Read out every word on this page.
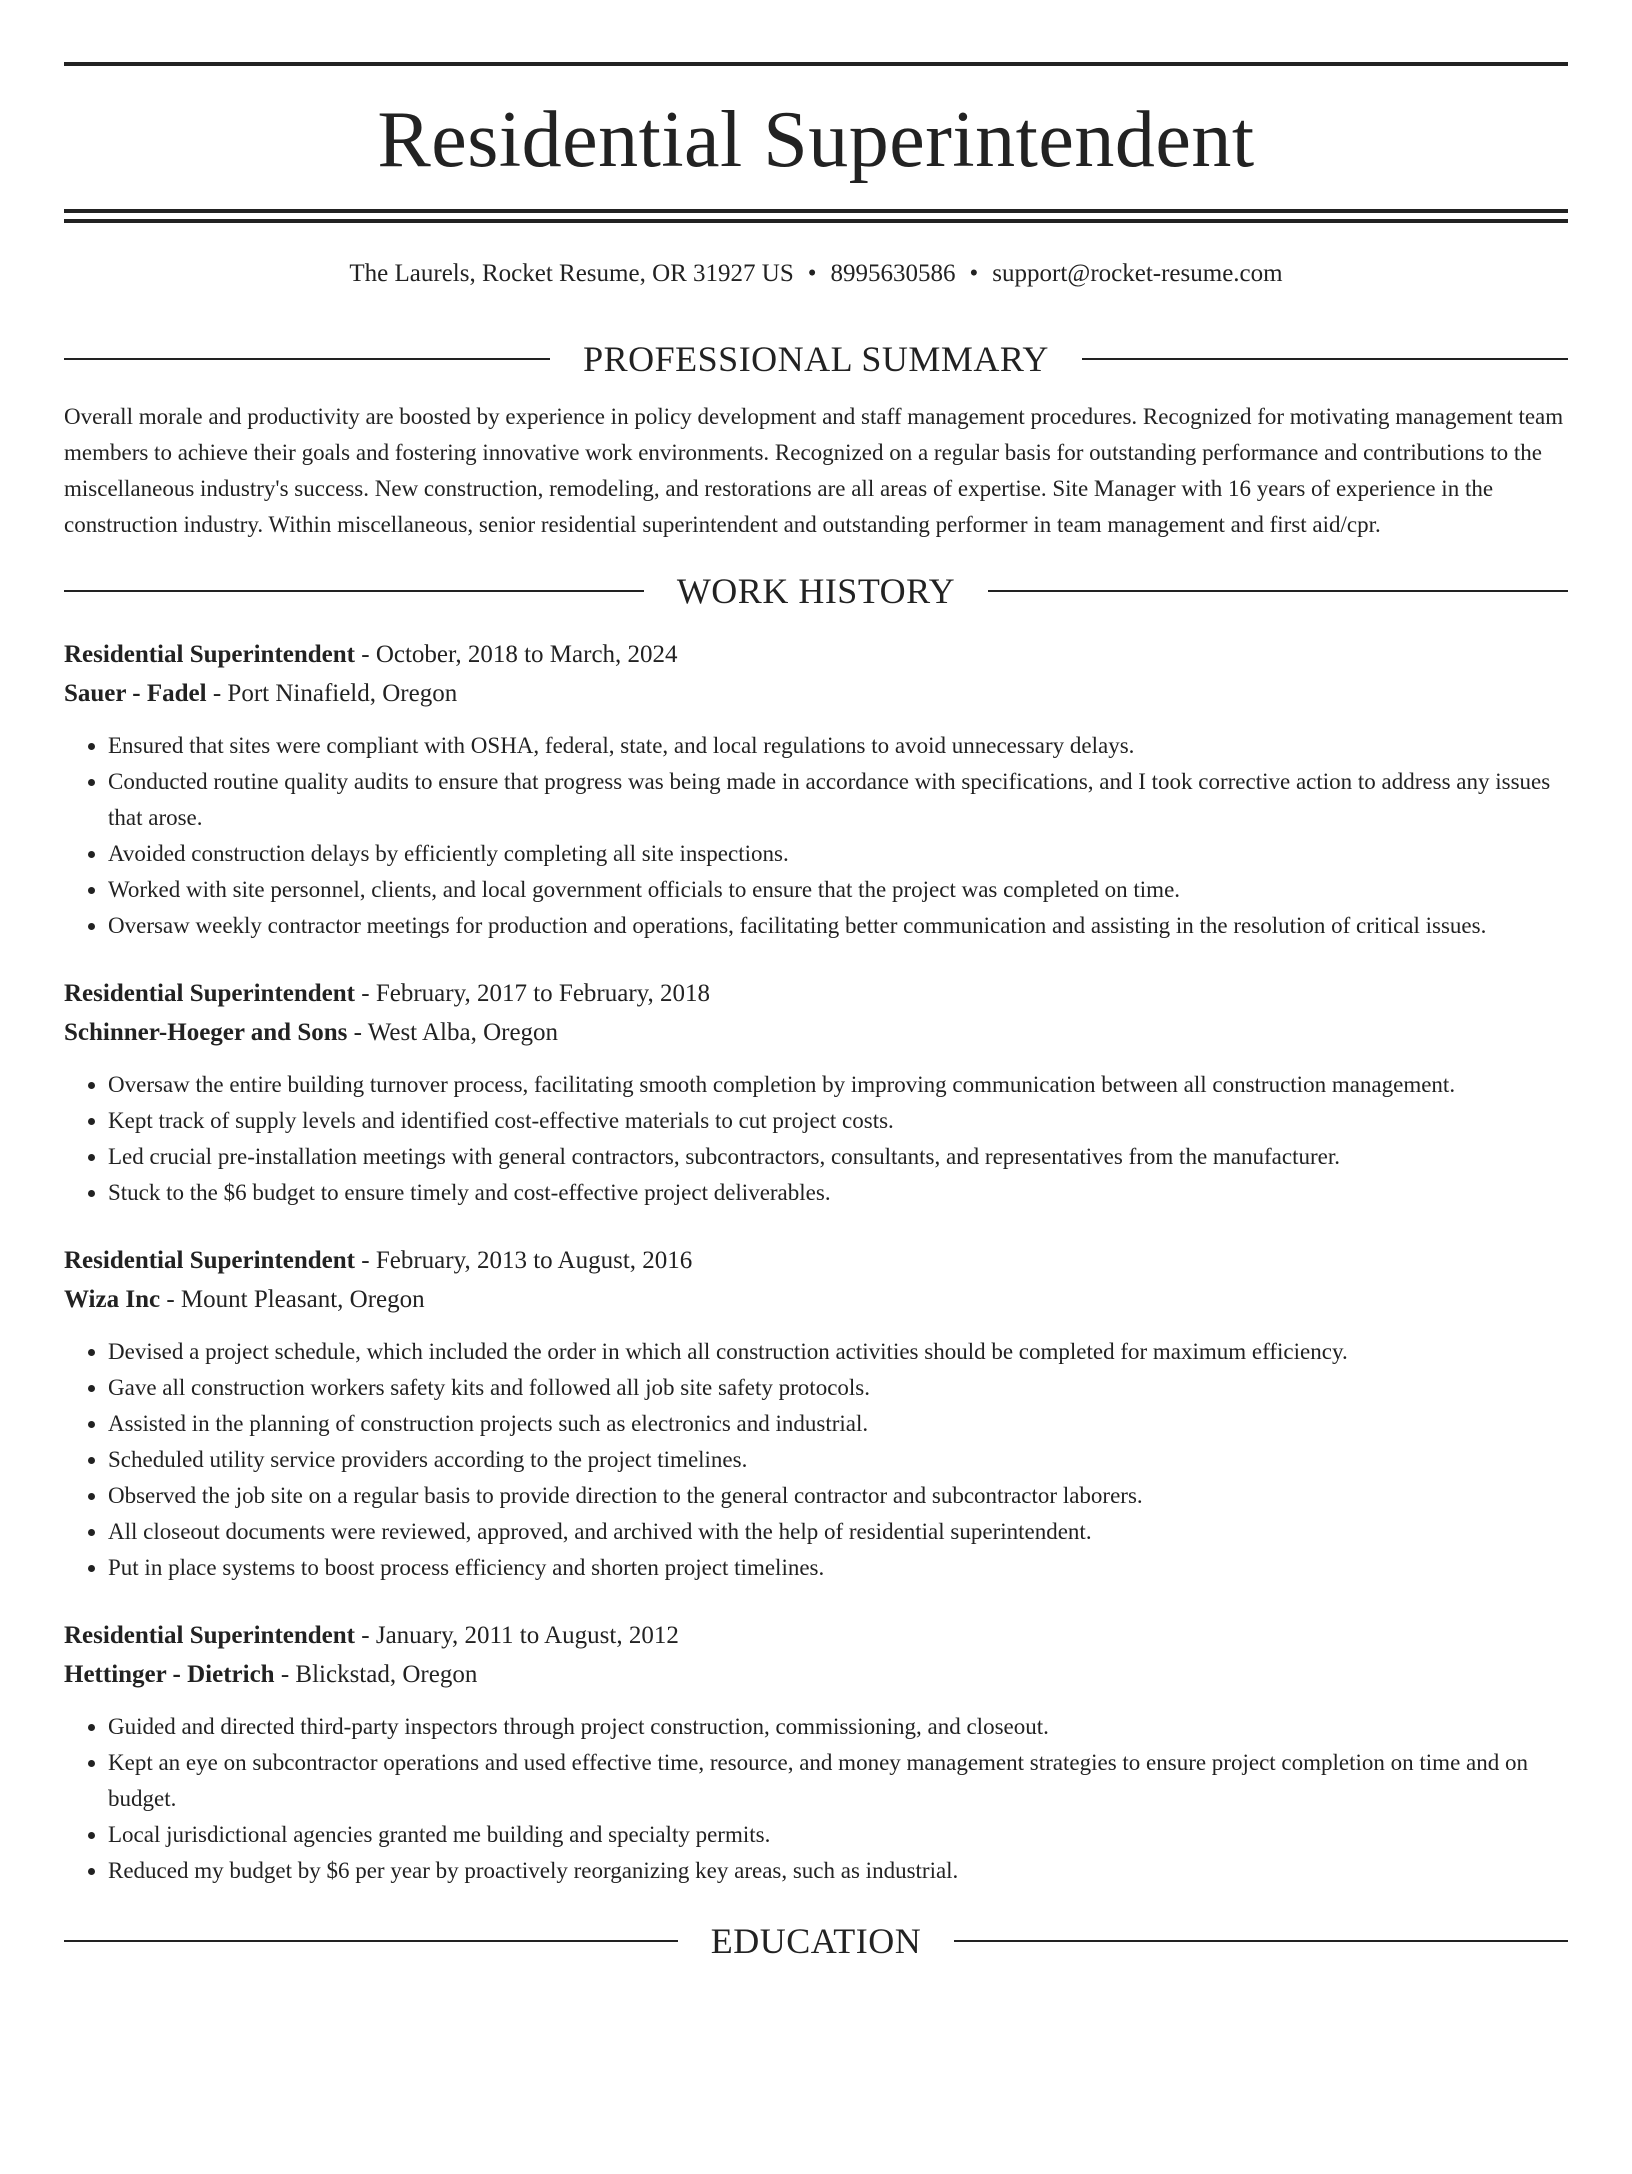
Residential Superintendent
The Laurels, Rocket Resume, OR 31927 US • 8995630586 • support@rocket-resume.com
PROFESSIONAL SUMMARY

Overall morale and productivity are boosted by experience in policy development and staff management procedures. Recognized for motivating management team members to achieve their goals and fostering innovative work environments. Recognized on a regular basis for outstanding performance and contributions to the miscellaneous industry's success. New construction, remodeling, and restorations are all areas of expertise. Site Manager with 16 years of experience in the construction industry. Within miscellaneous, senior residential superintendent and outstanding performer in team management and first aid/cpr.

WORK HISTORY
Residential Superintendent - October, 2018 to March, 2024
Sauer - Fadel - Port Ninafield, Oregon
• Ensured that sites were compliant with OSHA, federal, state, and local regulations to avoid unnecessary delays.
• Conducted routine quality audits to ensure that progress was being made in accordance with specifications, and I took corrective action to address any issues that arose.
• Avoided construction delays by efficiently completing all site inspections.
• Worked with site personnel, clients, and local government officials to ensure that the project was completed on time.
• Oversaw weekly contractor meetings for production and operations, facilitating better communication and assisting in the resolution of critical issues.
Residential Superintendent - February, 2017 to February, 2018
Schinner-Hoeger and Sons - West Alba, Oregon
• Oversaw the entire building turnover process, facilitating smooth completion by improving communication between all construction management.
• Kept track of supply levels and identified cost-effective materials to cut project costs.
• Led crucial pre-installation meetings with general contractors, subcontractors, consultants, and representatives from the manufacturer.
• Stuck to the $6 budget to ensure timely and cost-effective project deliverables.
Residential Superintendent - February, 2013 to August, 2016
Wiza Inc - Mount Pleasant, Oregon
• Devised a project schedule, which included the order in which all construction activities should be completed for maximum efficiency.
• Gave all construction workers safety kits and followed all job site safety protocols.
• Assisted in the planning of construction projects such as electronics and industrial.
• Scheduled utility service providers according to the project timelines.
• Observed the job site on a regular basis to provide direction to the general contractor and subcontractor laborers.
• All closeout documents were reviewed, approved, and archived with the help of residential superintendent.
• Put in place systems to boost process efficiency and shorten project timelines.
Residential Superintendent - January, 2011 to August, 2012
Hettinger - Dietrich - Blickstad, Oregon
• Guided and directed third-party inspectors through project construction, commissioning, and closeout.
• Kept an eye on subcontractor operations and used effective time, resource, and money management strategies to ensure project completion on time and on budget.
• Local jurisdictional agencies granted me building and specialty permits.
• Reduced my budget by $6 per year by proactively reorganizing key areas, such as industrial.
EDUCATION
